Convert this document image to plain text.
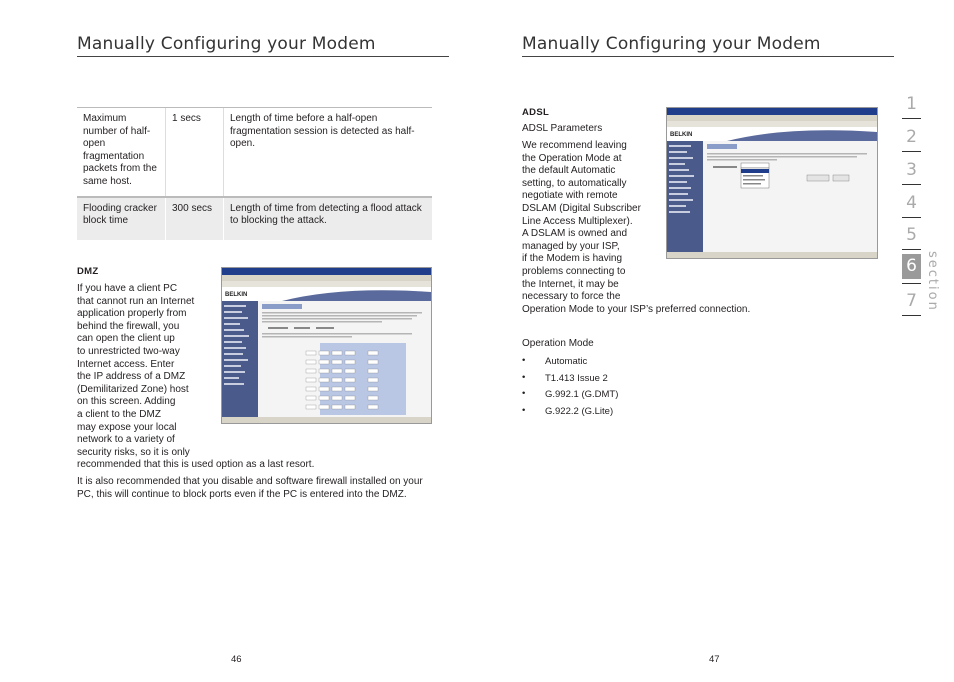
Manually Configuring your Modem
Maximum number of half-open fragmentation packets from the same host.	1 secs	Length of time before a half-open fragmentation session is detected as half-open.
Flooding cracker block time	300 secs	Length of time from detecting a flood attack to blocking the attack.
DMZ
If you have a client PC
that cannot run an Internet
application properly from
behind the firewall, you
can open the client up
to unrestricted two-way
Internet access. Enter
the IP address of a DMZ
(Demilitarized Zone) host
on this screen. Adding
a client to the DMZ
may expose your local
network to a variety of
security risks, so it is only
recommended that this is used option as a last resort.
It is also recommended that you disable and software firewall installed on your PC, this will continue to block ports even if the PC is entered into the DMZ.
BELKIN
46
Manually Configuring your Modem
ADSL
ADSL Parameters
We recommend leaving
the Operation Mode at
the default Automatic
setting, to automatically
negotiate with remote
DSLAM (Digital Subscriber
Line Access Multiplexer).
A DSLAM is owned and
managed by your ISP,
if the Modem is having
problems connecting to
the Internet, it may be
necessary to force the
Operation Mode to your ISP’s preferred connection.
Operation Mode
• Automatic
• T1.413 Issue 2
• G.992.1 (G.DMT)
• G.922.2 (G.Lite)
BELKIN
47
1
2
3
4
5
6
7 section
